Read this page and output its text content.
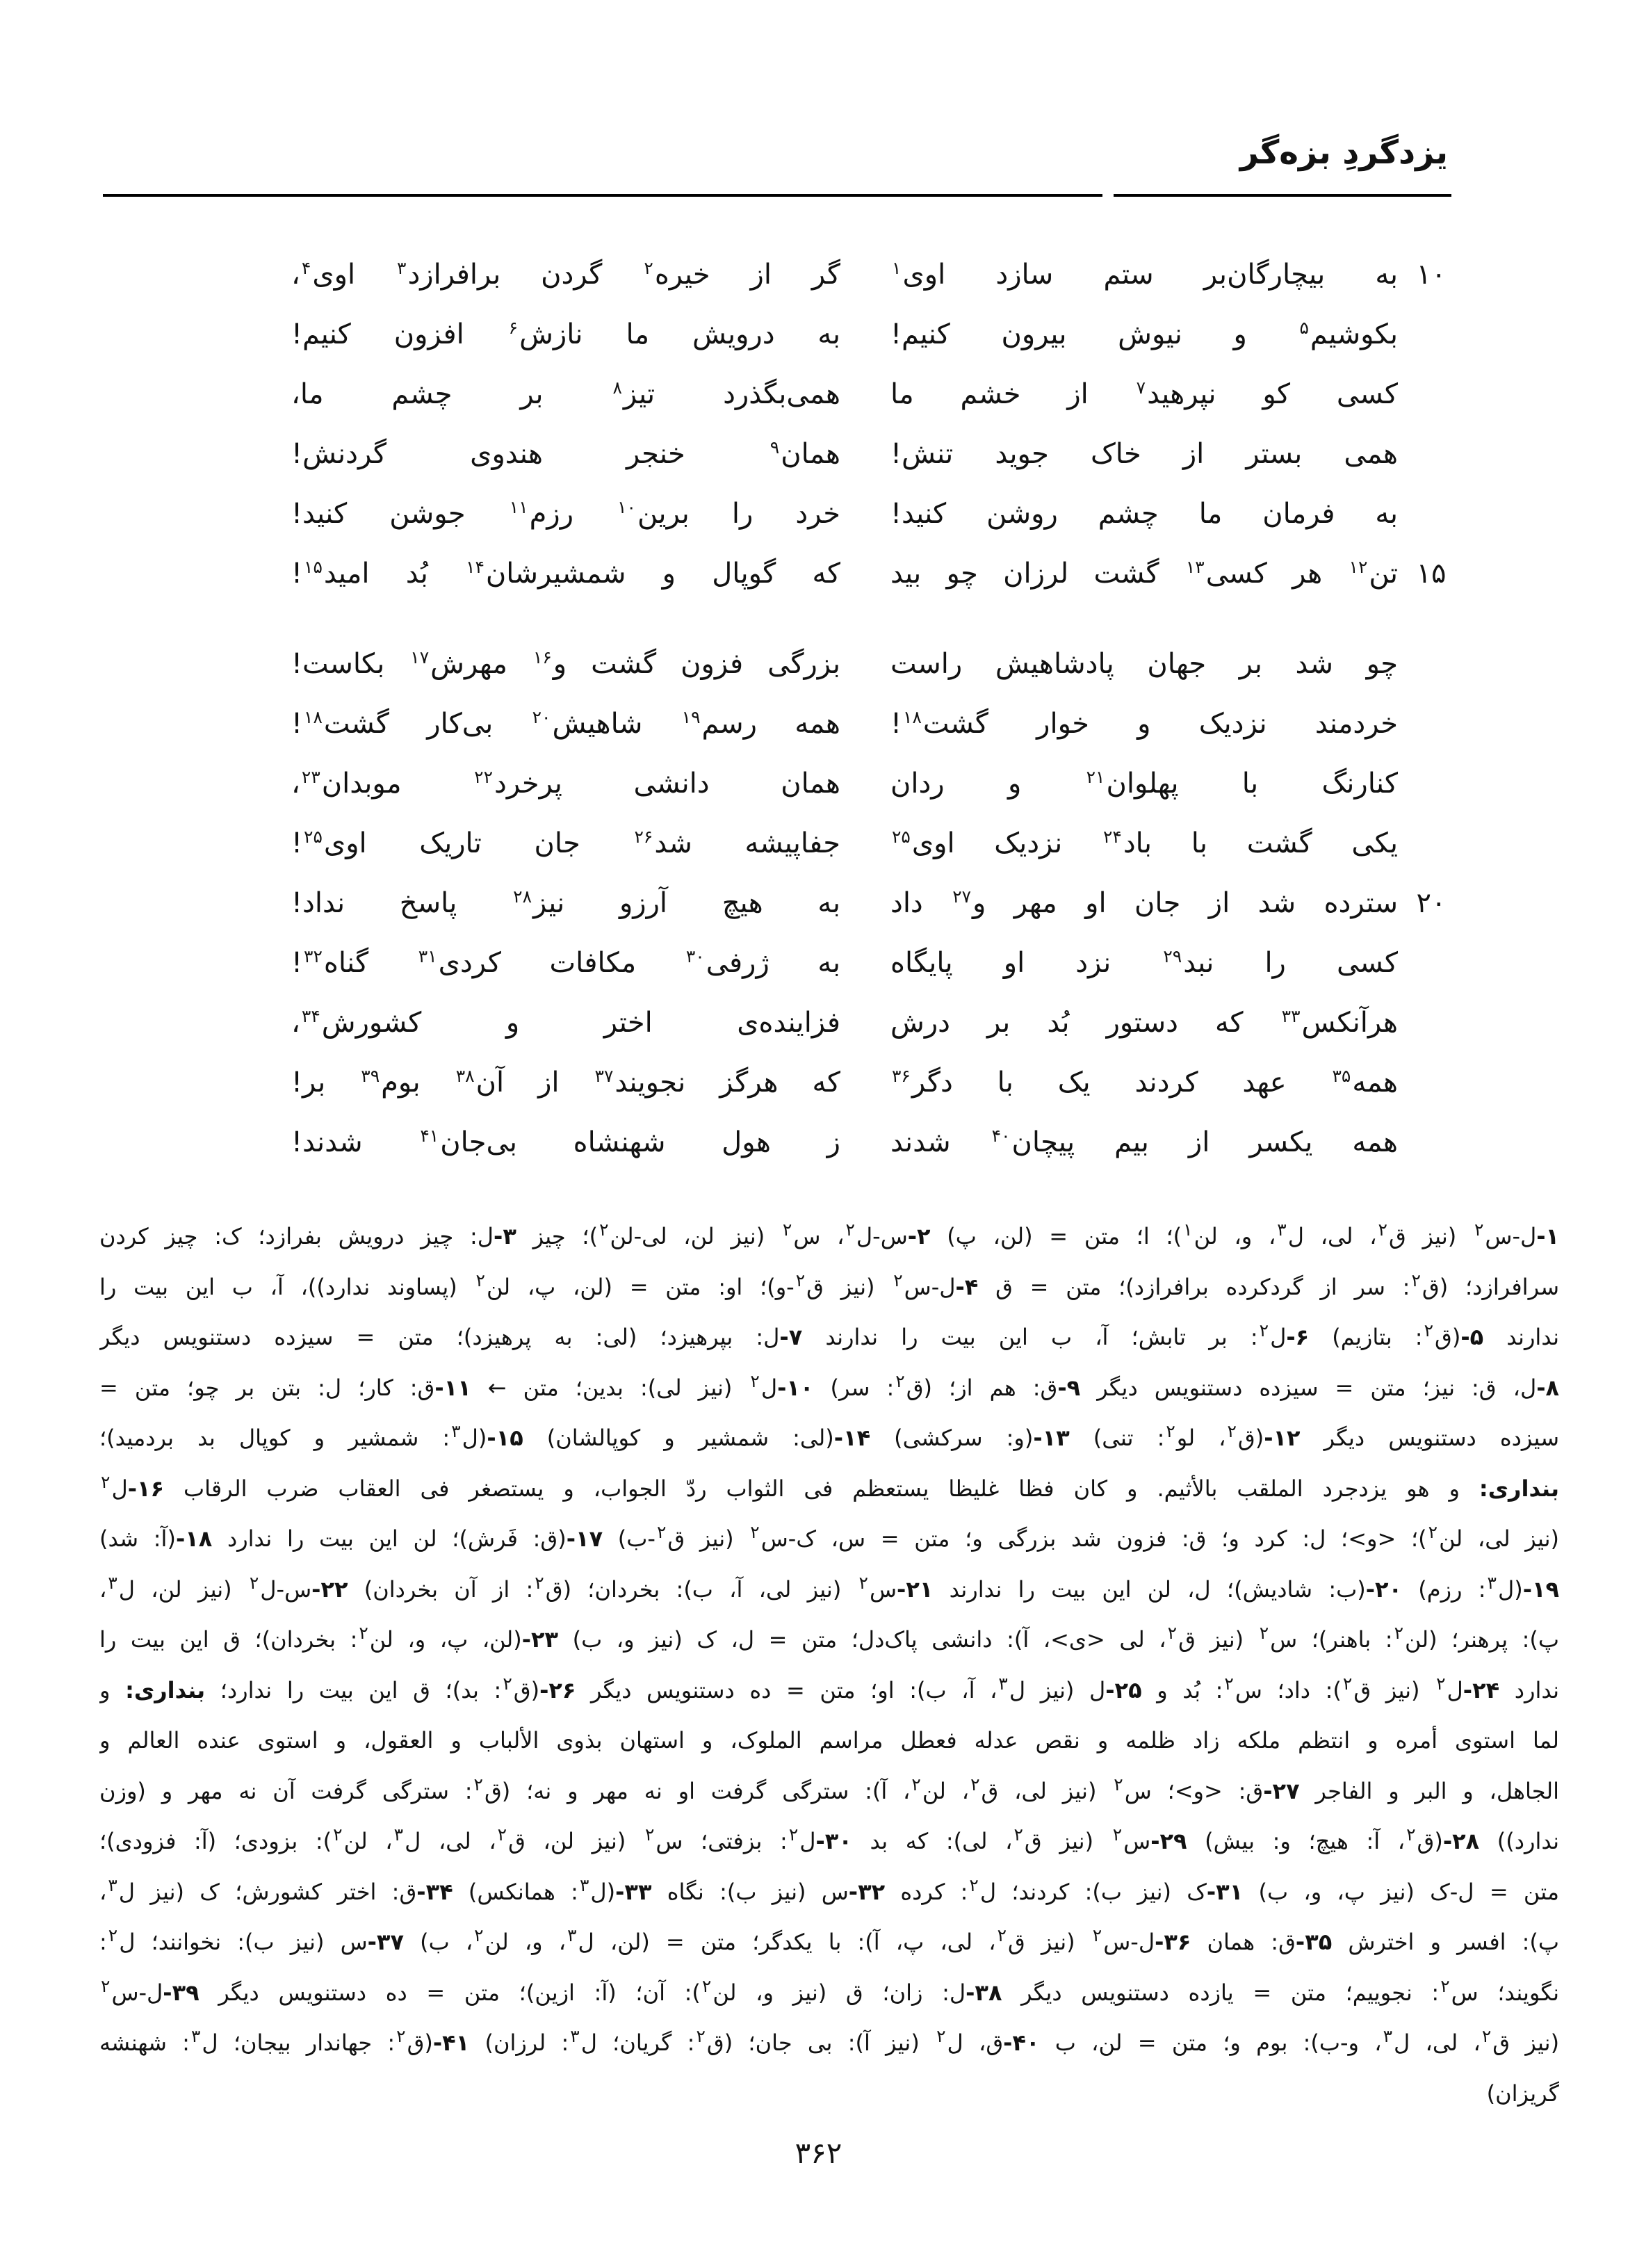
یزدگردِ بزه‌گر
۱۰
به بیچارگان‌بر ستم سازد اوی$^۱$
گر از خیره$^۲$ گردن برافرازد$^۳$ اوی$^۴$،
بکوشیم$^۵$ و نیوش بیرون کنیم!
به درویش ما نازش$^۶$ افزون کنیم!
کسی کو نپرهید$^۷$ از خشم ما
همی‌بگذرد تیز$^۸$ بر چشم ما،
همی بستر از خاک جوید تنش!
همان$^۹$ خنجر هندوی گردنش!
به فرمان ما چشم روشن کنید!
خرد را برین$^{۱۰}$ رزم$^{۱۱}$ جوشن کنید!
۱۵
تن$^{۱۲}$ هر کسی$^{۱۳}$ گشت لرزان چو بید
که گوپال و شمشیرشان$^{۱۴}$ بُد امید$^{۱۵}$!
چو شد بر جهان پادشاهیش راست
بزرگی فزون گشت و$^{۱۶}$ مهرش$^{۱۷}$ بکاست!
خردمند نزدیک و خوار گشت$^{۱۸}$!
همه رسم$^{۱۹}$ شاهیش$^{۲۰}$ بی‌کار گشت$^{۱۸}$!
کنارنگ با پهلوان$^{۲۱}$ و ردان
همان دانشی پرخرد$^{۲۲}$ موبدان$^{۲۳}$،
یکی گشت با باد$^{۲۴}$ نزدیک اوی$^{۲۵}$
جفاپیشه شد$^{۲۶}$ جان تاریک اوی$^{۲۵}$!
۲۰
سترده شد از جان او مهر و$^{۲۷}$ داد
به هیچ آرزو نیز$^{۲۸}$ پاسخ نداد!
کسی را نبد$^{۲۹}$ نزد او پایگاه
به ژرفی$^{۳۰}$ مکافات کردی$^{۳۱}$ گناه$^{۳۲}$!
هرآنکس$^{۳۳}$ که دستور بُد بر درش
فزاینده‌ی اختر و کشورش$^{۳۴}$،
همه$^{۳۵}$ عهد کردند یک با دگر$^{۳۶}$
که هرگز نجویند$^{۳۷}$ از آن$^{۳۸}$ بوم$^{۳۹}$ بر!
همه یکسر از بیم پیچان$^{۴۰}$ شدند
ز هول شهنشاه بی‌جان$^{۴۱}$ شدند!
۱-ل-س$^۲$ (نیز ق$^۲$، لی، ل$^۳$، و، لن$^۱$)؛ ا؛ متن = (لن، پ) ۲-س-ل$^۲$، س$^۲$ (نیز لن، لی-لن$^۲$)؛ چیز ۳-ل: چیز درویش بفرازد؛ ک: چیز کردن
سرافرازد؛ (ق$^۲$: سر از گردکرده برافرازد)؛ متن = ق ۴-ل-س$^۲$ (نیز ق$^۲$-و)؛ او: متن = (لن، پ، لن$^۲$ (پساوند ندارد))، آ، ب این بیت را
ندارند ۵-(ق$^۲$: بتازیم) ۶-ل$^۲$: بر تابش؛ آ، ب این بیت را ندارند ۷-ل: بپرهیزد؛ (لی: به پرهیزد)؛ متن = سیزده دستنویس دیگر
۸-ل، ق: نیز؛ متن = سیزده دستنویس دیگر ۹-ق: هم از؛ (ق$^۲$: سر) ۱۰-ل$^۲$ (نیز لی): بدین؛ متن ← ۱۱-ق: کار؛ ل: بتن بر چو؛ متن =
سیزده دستنویس دیگر ۱۲-(ق$^۲$، لو$^۲$: تنی) ۱۳-(و: سرکشی) ۱۴-(لی: شمشیر و کوپالشان) ۱۵-(ل$^۳$: شمشیر و کوپال بد بردمید)؛
بنداری: و هو یزدجرد الملقب بالأثیم. و کان فظا غلیظا یستعظم فی الثواب ردّ الجواب، و یستصغر فی العقاب ضرب الرقاب ۱۶-ل$^۲$
(نیز لی، لن$^۲$)؛ <و>؛ ل: کرد و؛ ق: فزون شد بزرگی و؛ متن = س، ک-س$^۲$ (نیز ق$^۲$-ب) ۱۷-(ق: فَرش)؛ لن این بیت را ندارد ۱۸-(آ: شد)
۱۹-(ل$^۳$: رزم) ۲۰-(ب: شادیش)؛ ل، لن این بیت را ندارند ۲۱-س$^۲$ (نیز لی، آ، ب): بخردان؛ (ق$^۲$: از آن بخردان) ۲۲-س-ل$^۲$ (نیز لن، ل$^۳$،
پ): پرهنر؛ (لن$^۲$: باهنر)؛ س$^۲$ (نیز ق$^۲$، لی <ی>، آ): دانشی پاک‌دل؛ متن = ل، ک (نیز و، ب) ۲۳-(لن، پ، و، لن$^۲$: بخردان)؛ ق این بیت را
ندارد ۲۴-ل$^۲$ (نیز ق$^۲$): داد؛ س$^۲$: بُد و ۲۵-ل (نیز ل$^۳$، آ، ب): او؛ متن = ده دستنویس دیگر ۲۶-(ق$^۲$: بد)؛ ق این بیت را ندارد؛ بنداری: و
لما استوی أمره و انتظم ملکه زاد ظلمه و نقص عدله فعطل مراسم الملوک، و استهان بذوی الألباب و العقول، و استوی عنده العالم و
الجاهل، و البر و الفاجر ۲۷-ق: <و>؛ س$^۲$ (نیز لی، ق$^۲$، لن$^۲$، آ): سترگی گرفت او نه مهر و نه؛ (ق$^۲$: سترگی گرفت آن نه مهر و (وزن
ندارد)) ۲۸-(ق$^۲$، آ: هیچ؛ و: بیش) ۲۹-س$^۲$ (نیز ق$^۲$، لی): که بد ۳۰-ل$^۲$: بزفتی؛ س$^۲$ (نیز لن، ق$^۲$، لی، ل$^۳$، لن$^۲$): بزودی؛ (آ: فزودی)؛
متن = ل-ک (نیز پ، و، ب) ۳۱-ک (نیز ب): کردند؛ ل$^۲$: کرده ۳۲-س (نیز ب): نگاه ۳۳-(ل$^۳$: همانکس) ۳۴-ق: اختر کشورش؛ ک (نیز ل$^۳$،
پ): افسر و اخترش ۳۵-ق: همان ۳۶-ل-س$^۲$ (نیز ق$^۲$، لی، پ، آ): با یکدگر؛ متن = (لن، ل$^۳$، و، لن$^۲$، ب) ۳۷-س (نیز ب): نخوانند؛ ل$^۲$:
نگویند؛ س$^۲$: نجوییم؛ متن = یازده دستنویس دیگر ۳۸-ل: زان؛ ق (نیز و، لن$^۲$): آن؛ (آ: ازین)؛ متن = ده دستنویس دیگر ۳۹-ل-س$^۲$
(نیز ق$^۲$، لی، ل$^۳$، و-ب): بوم و؛ متن = لن، ب ۴۰-ق، ل$^۲$ (نیز آ): بی جان؛ (ق$^۲$: گریان؛ ل$^۳$: لرزان) ۴۱-(ق$^۲$: جهاندار بیجان؛ ل$^۳$: شهنشه
گریزان)
۳۶۲
